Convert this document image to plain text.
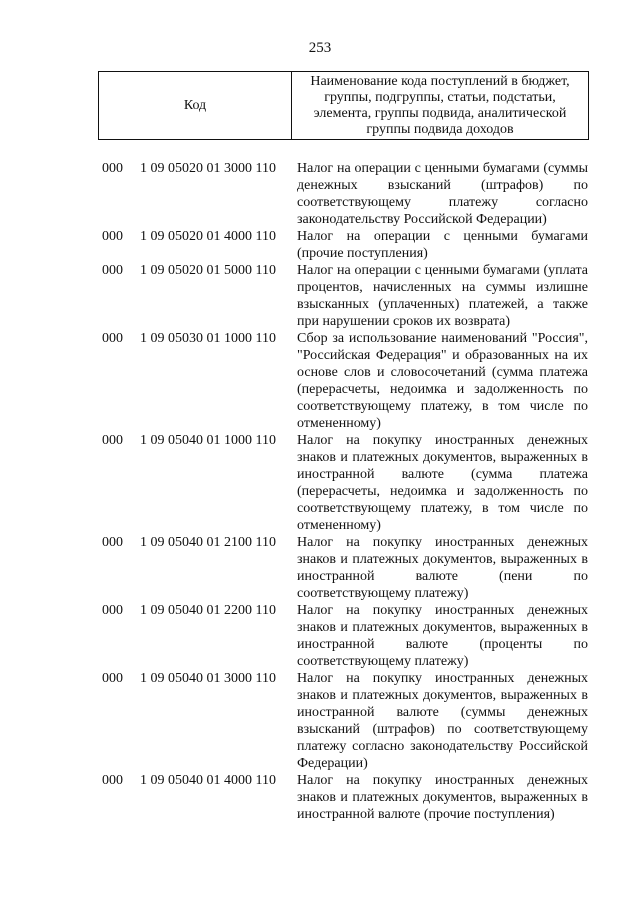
253
Код
Наименование кода поступлений в бюджет, группы, подгруппы, статьи, подстатьи, элемента, группы подвида, аналитической группы подвида доходов
000 1 09 05020 01 3000 110 Налог на операции с ценными бумагами (суммы денежных взысканий (штрафов) по соответствующему платежу согласно законодательству Российской Федерации)
000 1 09 05020 01 4000 110 Налог на операции с ценными бумагами (прочие поступления)
000 1 09 05020 01 5000 110 Налог на операции с ценными бумагами (уплата процентов, начисленных на суммы излишне взысканных (уплаченных) платежей, а также при нарушении сроков их возврата)
000 1 09 05030 01 1000 110 Сбор за использование наименований "Россия", "Российская Федерация" и образованных на их основе слов и словосочетаний (сумма платежа (перерасчеты, недоимка и задолженность по соответствующему платежу, в том числе по отмененному)
000 1 09 05040 01 1000 110 Налог на покупку иностранных денежных знаков и платежных документов, выраженных в иностранной валюте (сумма платежа (перерасчеты, недоимка и задолженность по соответствующему платежу, в том числе по отмененному)
000 1 09 05040 01 2100 110 Налог на покупку иностранных денежных знаков и платежных документов, выраженных в иностранной валюте (пени по соответствующему платежу)
000 1 09 05040 01 2200 110 Налог на покупку иностранных денежных знаков и платежных документов, выраженных в иностранной валюте (проценты по соответствующему платежу)
000 1 09 05040 01 3000 110 Налог на покупку иностранных денежных знаков и платежных документов, выраженных в иностранной валюте (суммы денежных взысканий (штрафов) по соответствующему платежу согласно законодательству Российской Федерации)
000 1 09 05040 01 4000 110 Налог на покупку иностранных денежных знаков и платежных документов, выраженных в иностранной валюте (прочие поступления)
